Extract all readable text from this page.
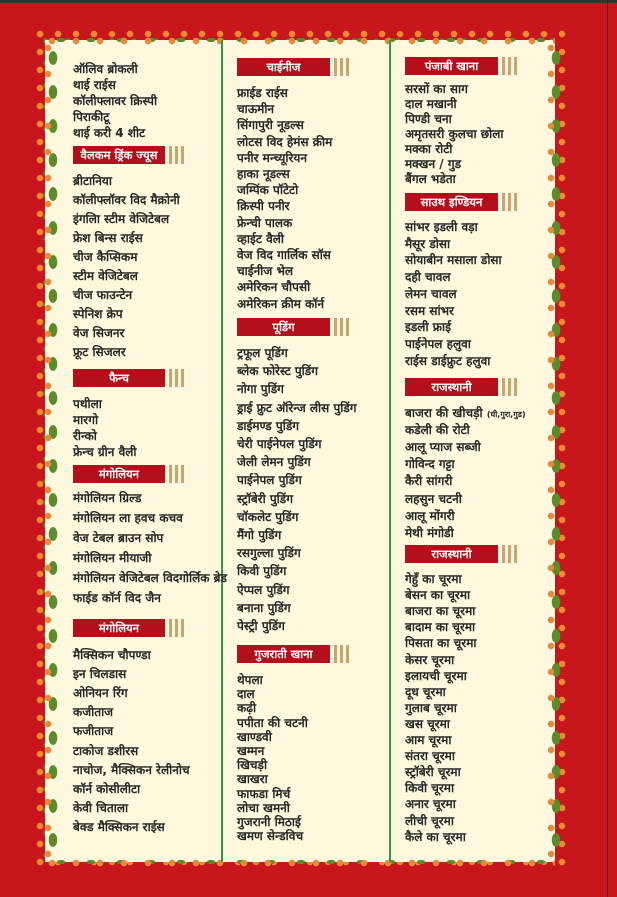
ऑलिव ब्रोकली
थाई राईस
कॉलीफ्लावर क्रिस्पी
पिराकीटू
थाई करी 4 शीट
वैलकम ड्रिंक ज्यूस
ब्रीटानिया
कॉलीफ्लॉवर विद मैक्रोनी
इंगलिा स्टीम वेजिटेबल
फ्रेश बिन्स राईस
चीज कैप्सिकम
स्टीम वेजिटेबल
चीज फाउन्टेन
स्पेनिश क्रेप
वेज सिजनर
फ्रूट सिजलर
फैन्च
पथीला
मारगो
रीन्को
फ्रेन्च ग्रीन वैली
मंगोलियन
मंगोलियन ग्रिल्ड
मंगोलियन ला हवच कचव
वेज टेबल ब्राउन सोप
मंगोलियन मीयाजी
मंगोलियन वेजिटेबल विदगोर्लिक ब्रेड
फाईड कॉर्न विद जैन
मंगोलियन
मैक्सिकन चौपण्डा
इन चिलडास
ओनियन रिंग
कजीताज
फजीताज
टाकोज डशीरस
नाचोज, मैक्सिकन रेलीनोच
कॉर्न कोसीलीटा
केवी चिताला
बेक्ड मैक्सिकन राईस
चाईनीज
फ्राईड राईस
चाऊमीन
सिंगापुरी नूडल्स
लोटस विद हेमंस क्रीम
पनीर मन्च्यूरियन
हाका नूडल्स
जम्पिंक पॉटेटो
क्रिस्पी पनीर
फ्रेन्ची पालक
व्हाईट वैली
वेज विद गार्लिक सॉस
चाईनीज भेल
अमेरिकन चौपसी
अमेरिकन क्रीम कॉर्न
पूडिंग
ट्रफूल पूडिंग
ब्लेक फोरेस्ट पुडिंग
नोगा पुडिंग
ड्राई फ्रुट ऑरेन्ज लीस पुडिंग
डाईमण्ड पुडिंग
चेरी पाईनेपल पुडिंग
जेली लेमन पुडिंग
पाईनेपल पुडिंग
स्ट्रॉबेरी पुडिंग
चॉकलेट पुडिंग
मैंगो पुडिंग
रसगुल्ला पुडिंग
किवी पुडिंग
ऐप्पल पुडिंग
बनाना पुडिंग
पेस्ट्री पुडिंग
गुजराती खाना
थेपला
दाल
कढ़ी
पपीता की चटनी
खाण्डवी
खम्मन
खिचड़ी
खाखरा
फाफडा मिर्च
लोचा खमनी
गुजरानी मिठाई
खमण सेन्डविच
पंजाबी खाना
सरसों का साग
दाल मखानी
पिण्डी चना
अमृतसरी कुलचा छोला
मक्का रोटी
मक्खन / गुड
बैंगल भडेता
साउथ इण्डियन
सांभर इडली वड़ा
मैसूर डोसा
सोयाबीन मसाला डोसा
दही चावल
लेमन चावल
रसम सांभर
इडली फ्राई
पाईनेपल हलुवा
राईस डाईफ्रुट हलुवा
राजस्थानी
बाजरा की खीचड़ी (घी,गुरा,गुड)
कडेली की रोटी
आलू प्याज सब्जी
गोविन्द गट्टा
कैरी सांगरी
लहसुन चटनी
आलू मोंगरी
मेथी मंगोडी
राजस्थानी
गेहुँ का चूरमा
बेसन का चूरमा
बाजरा का चूरमा
बादाम का चूरमा
पिसता का चूरमा
केसर चूरमा
इलायची चूरमा
दूध चूरमा
गुलाब चूरमा
खस चूरमा
आम चूरमा
संतरा चूरमा
स्ट्रॉबेरी चूरमा
किवी चूरमा
अनार चूरमा
लीची चूरमा
कैले का चूरमा
